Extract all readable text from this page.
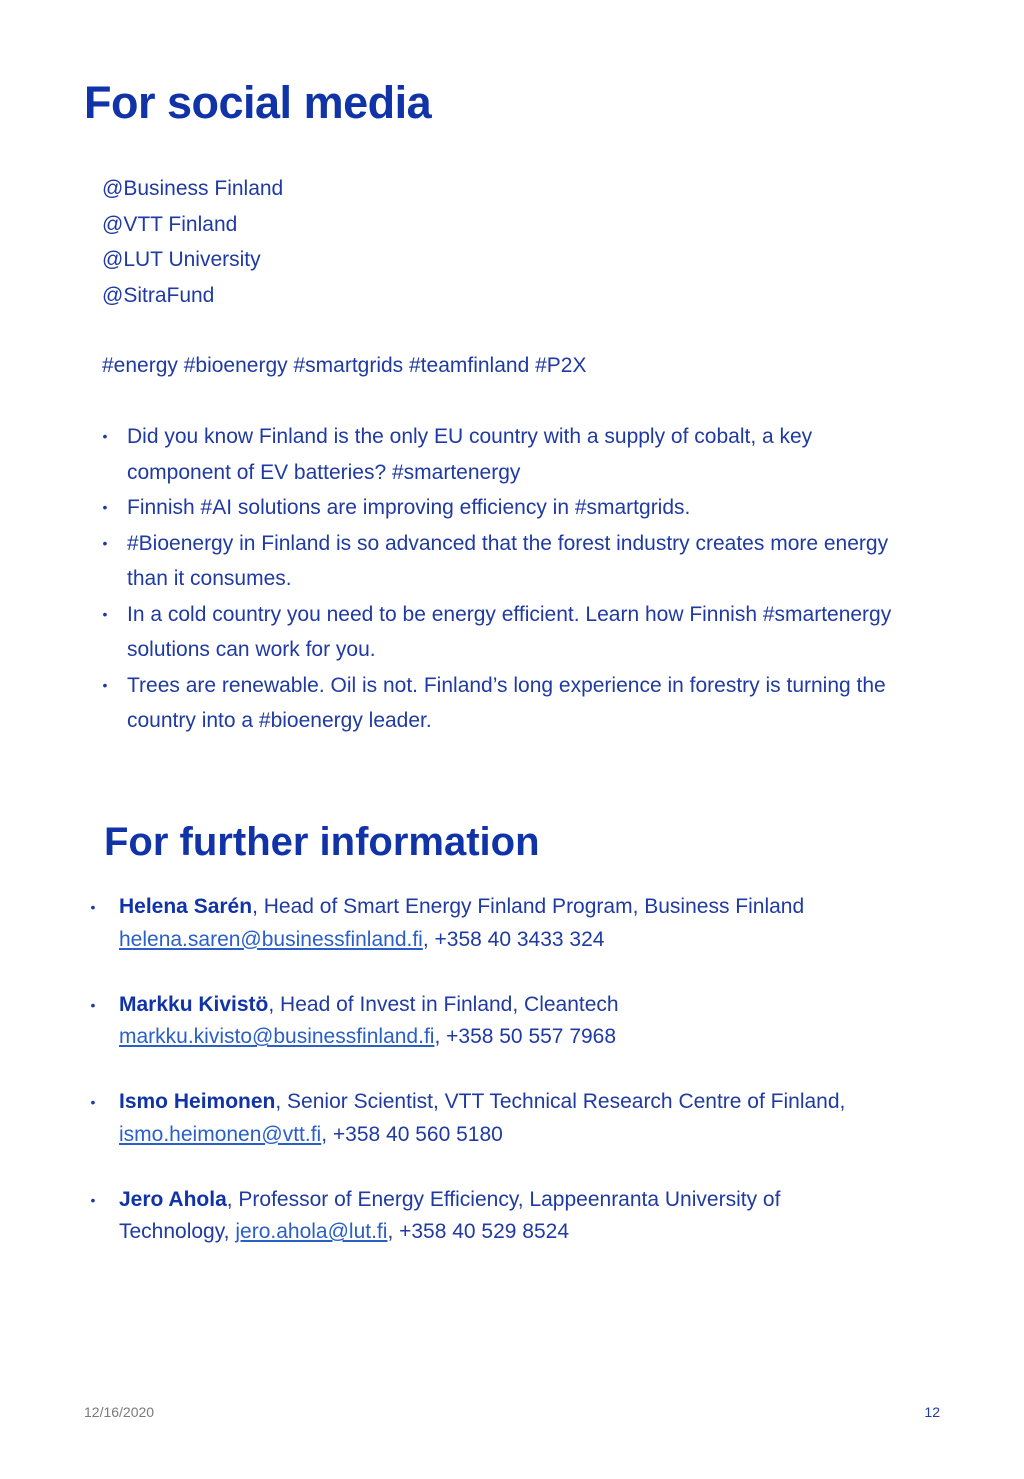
For social media
@Business Finland
@VTT Finland
@LUT University
@SitraFund

#energy #bioenergy #smartgrids #teamfinland #P2X

• Did you know Finland is the only EU country with a supply of cobalt, a key component of EV batteries? #smartenergy
• Finnish #AI solutions are improving efficiency in #smartgrids.
• #Bioenergy in Finland is so advanced that the forest industry creates more energy than it consumes.
• In a cold country you need to be energy efficient. Learn how Finnish #smartenergy solutions can work for you.
• Trees are renewable. Oil is not. Finland’s long experience in forestry is turning the country into a #bioenergy leader.
For further information
• Helena Sarén, Head of Smart Energy Finland Program, Business Finland
helena.saren@businessfinland.fi, +358 40 3433 324
• Markku Kivistö, Head of Invest in Finland, Cleantech
markku.kivisto@businessfinland.fi, +358 50 557 7968
• Ismo Heimonen, Senior Scientist, VTT Technical Research Centre of Finland,
ismo.heimonen@vtt.fi, +358 40 560 5180
• Jero Ahola, Professor of Energy Efficiency, Lappeenranta University of
Technology, jero.ahola@lut.fi, +358 40 529 8524
12/16/2020	12
